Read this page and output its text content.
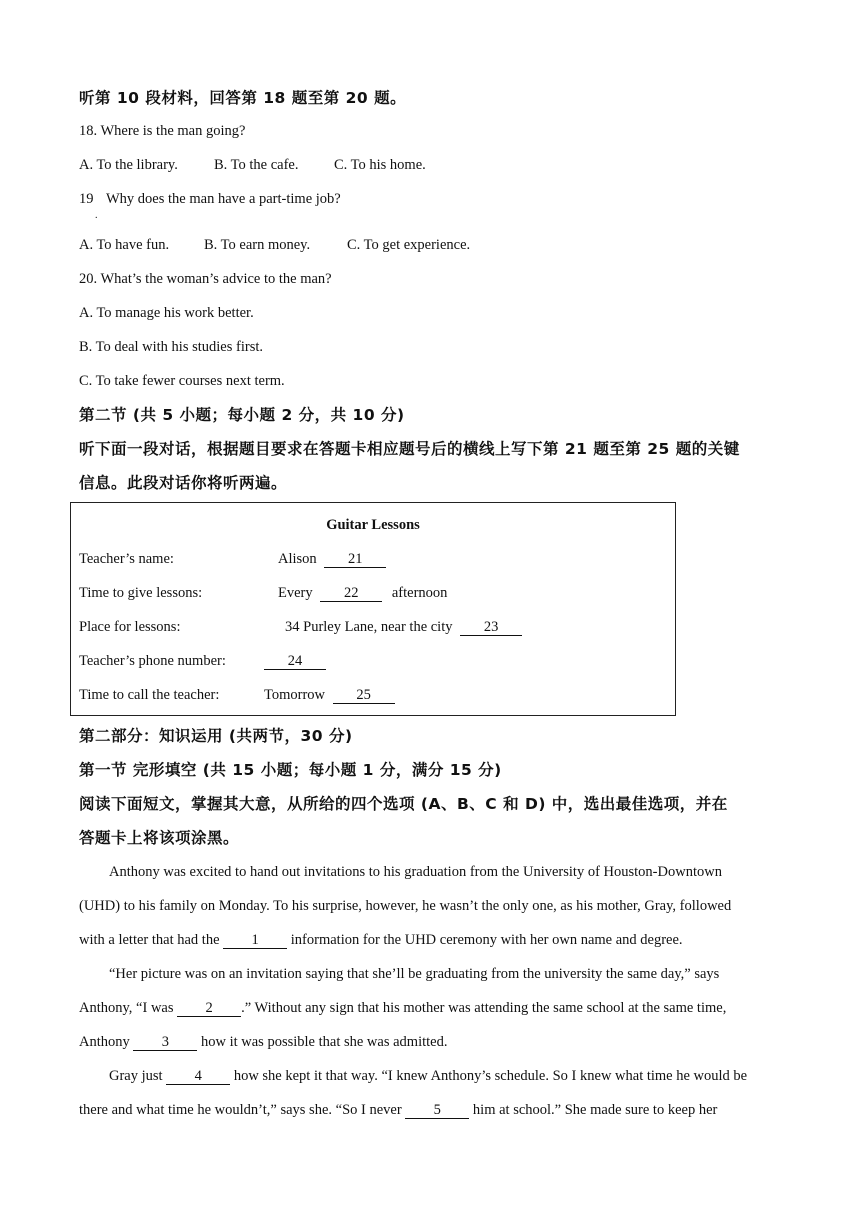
听第 10 段材料，回答第 18 题至第 20 题。
18. Where is the man going?
A. To the library. B. To the cafe. C. To his home.
19
.
Why does the man have a part-time job?
A. To have fun. B. To earn money.	C. To get experience.
20. What’s the woman’s advice to the man?
A. To manage his work better.
B. To deal with his studies first.
C. To take fewer courses next term.
第二节 (共 5 小题；每小题 2 分，共 10 分)
听下面一段对话，根据题目要求在答题卡相应题号后的横线上写下第 21 题至第 25 题的关键
信息。此段对话你将听两遍。
Guitar Lessons
Teacher’s name:	Alison 21
Time to give lessons:	Every 22 afternoon
Place for lessons:	34 Purley Lane, near the city 23
Teacher’s phone number:	24
Time to call the teacher:	Tomorrow 25
第二部分：知识运用 (共两节，30 分)
第一节 完形填空 (共 15 小题；每小题 1 分，满分 15 分)
阅读下面短文，掌握其大意，从所给的四个选项 (A、B、C 和 D) 中，选出最佳选项，并在
答题卡上将该项涂黑。
Anthony was excited to hand out invitations to his graduation from the University of Houston-Downtown
(UHD) to his family on Monday. To his surprise, however, he wasn’t the only one, as his mother, Gray, followed
with a letter that had the 1 information for the UHD ceremony with her own name and degree.
“Her picture was on an invitation saying that she’ll be graduating from the university the same day,” says
Anthony, “I was 2 .” Without any sign that his mother was attending the same school at the same time,
Anthony 3 how it was possible that she was admitted.
Gray just 4 how she kept it that way. “I knew Anthony’s schedule. So I knew what time he would be
there and what time he wouldn’t,” says she. “So I never 5 him at school.” She made sure to keep her
